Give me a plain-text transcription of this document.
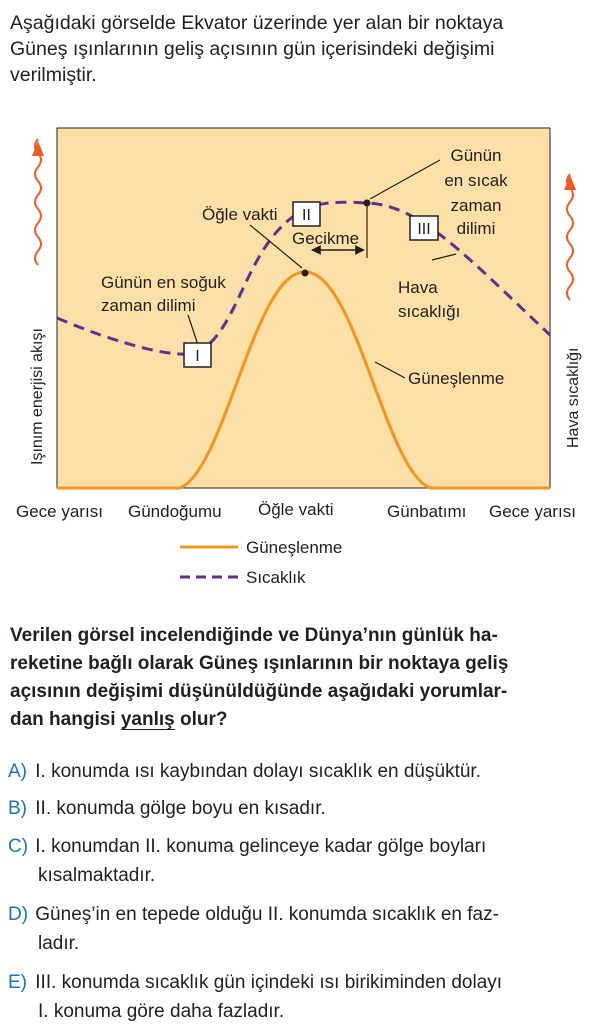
Aşağıdaki görselde Ekvator üzerinde yer alan bir noktaya
Güneş ışınlarının geliş açısının gün içerisindeki değişimi
verilmiştir.

Işınım enerjisi akışı	Hava sıcaklığı
I
II
III
Öğle vakti
Gecikme
Günün
en sıcak
zaman
dilimi
Günün en soğuk
zaman dilimi
Hava
sıcaklığı
Güneşlenme
Gece yarısı Gündoğumu Öğle vakti	Günbatımı Gece yarısı
Güneşlenme
Sıcaklık

Verilen görsel incelendiğinde ve Dünya’nın günlük ha-
reketine bağlı olarak Güneş ışınlarının bir noktaya geliş
açısının değişimi düşünüldüğünde aşağıdaki yorumlar-
dan hangisi yanlış olur?

A) I. konumda ısı kaybından dolayı sıcaklık en düşüktür.
B) II. konumda gölge boyu en kısadır.
C) I. konumdan II. konuma gelinceye kadar gölge boyları
kısalmaktadır.
D) Güneş’in en tepede olduğu II. konumda sıcaklık en faz-
ladır.
E) III. konumda sıcaklık gün içindeki ısı birikiminden dolayı
I. konuma göre daha fazladır.
